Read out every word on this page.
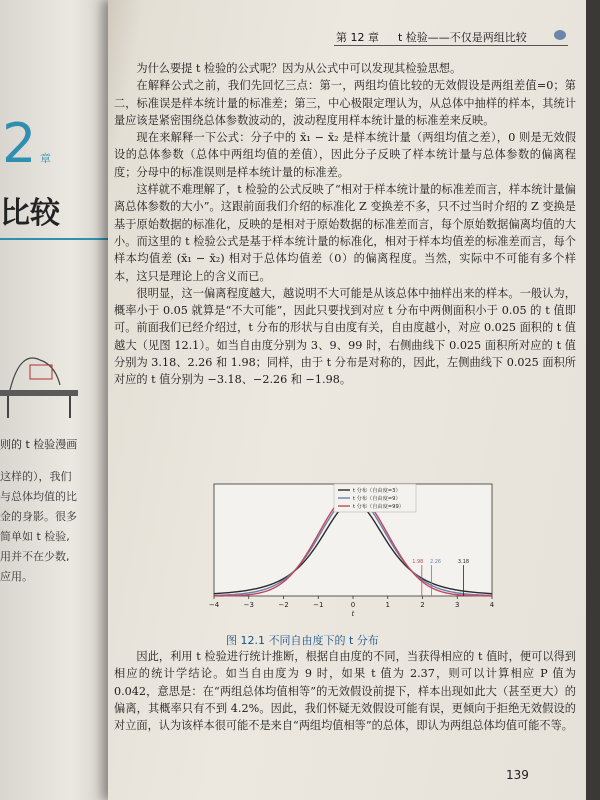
2 章
比较
则的 t 检验漫画
这样的），我们
与总体均值的比
金的身影。很多
简单如 t 检验,
用并不在少数,
应用。
第 12 章 t 检验——不仅是两组比较

为什么要提 t 检验的公式呢？因为从公式中可以发现其检验思想。

在解释公式之前，我们先回忆三点：第一，两组均值比较的无效假设是两组差值=0；第二，标准误是样本统计量的标准差；第三，中心极限定理认为，从总体中抽样的样本，其统计量应该是紧密围绕总体参数波动的，波动程度用样本统计量的标准差来反映。

现在来解释一下公式：分子中的 x̄₁ − x̄₂ 是样本统计量（两组均值之差），0 则是无效假设的总体参数（总体中两组均值的差值），因此分子反映了样本统计量与总体参数的偏离程度；分母中的标准误则是样本统计量的标准差。

这样就不难理解了，t 检验的公式反映了“相对于样本统计量的标准差而言，样本统计量偏离总体参数的大小”。这跟前面我们介绍的标准化 Z 变换差不多，只不过当时介绍的 Z 变换是基于原始数据的标准化，反映的是相对于原始数据的标准差而言，每个原始数据偏离均值的大小。而这里的 t 检验公式是基于样本统计量的标准化，相对于样本均值差的标准差而言，每个样本均值差 (x̄₁ − x̄₂) 相对于总体均值差（0）的偏离程度。当然，实际中不可能有多个样本，这只是理论上的含义而已。

很明显，这一偏离程度越大，越说明不大可能是从该总体中抽样出来的样本。一般认为，概率小于 0.05 就算是“不大可能”，因此只要找到对应 t 分布中两侧面积小于 0.05 的 t 值即可。前面我们已经介绍过，t 分布的形状与自由度有关，自由度越小，对应 0.025 面积的 t 值越大（见图 12.1）。如当自由度分别为 3、9、99 时，右侧曲线下 0.025 面积所对应的 t 值分别为 3.18、2.26 和 1.98；同样，由于 t 分布是对称的，因此，左侧曲线下 0.025 面积所对应的 t 值分别为 −3.18、−2.26 和 −1.98。

1.98 2.26	3.18
−4	−3	−2	−1	0	1	2	3	4
t
t 分布（自由度=3）
t 分布（自由度=9）
t 分布（自由度=99）
图 12.1 不同自由度下的 t 分布

因此，利用 t 检验进行统计推断，根据自由度的不同，当获得相应的 t 值时，便可以得到相应的统计学结论。如当自由度为 9 时，如果 t 值为 2.37，则可以计算相应 P 值为 0.042，意思是：在“两组总体均值相等”的无效假设前提下，样本出现如此大（甚至更大）的偏离，其概率只有不到 4.2%。因此，我们怀疑无效假设可能有误，更倾向于拒绝无效假设的对立面，认为该样本很可能不是来自“两组均值相等”的总体，即认为两组总体均值可能不等。

139
